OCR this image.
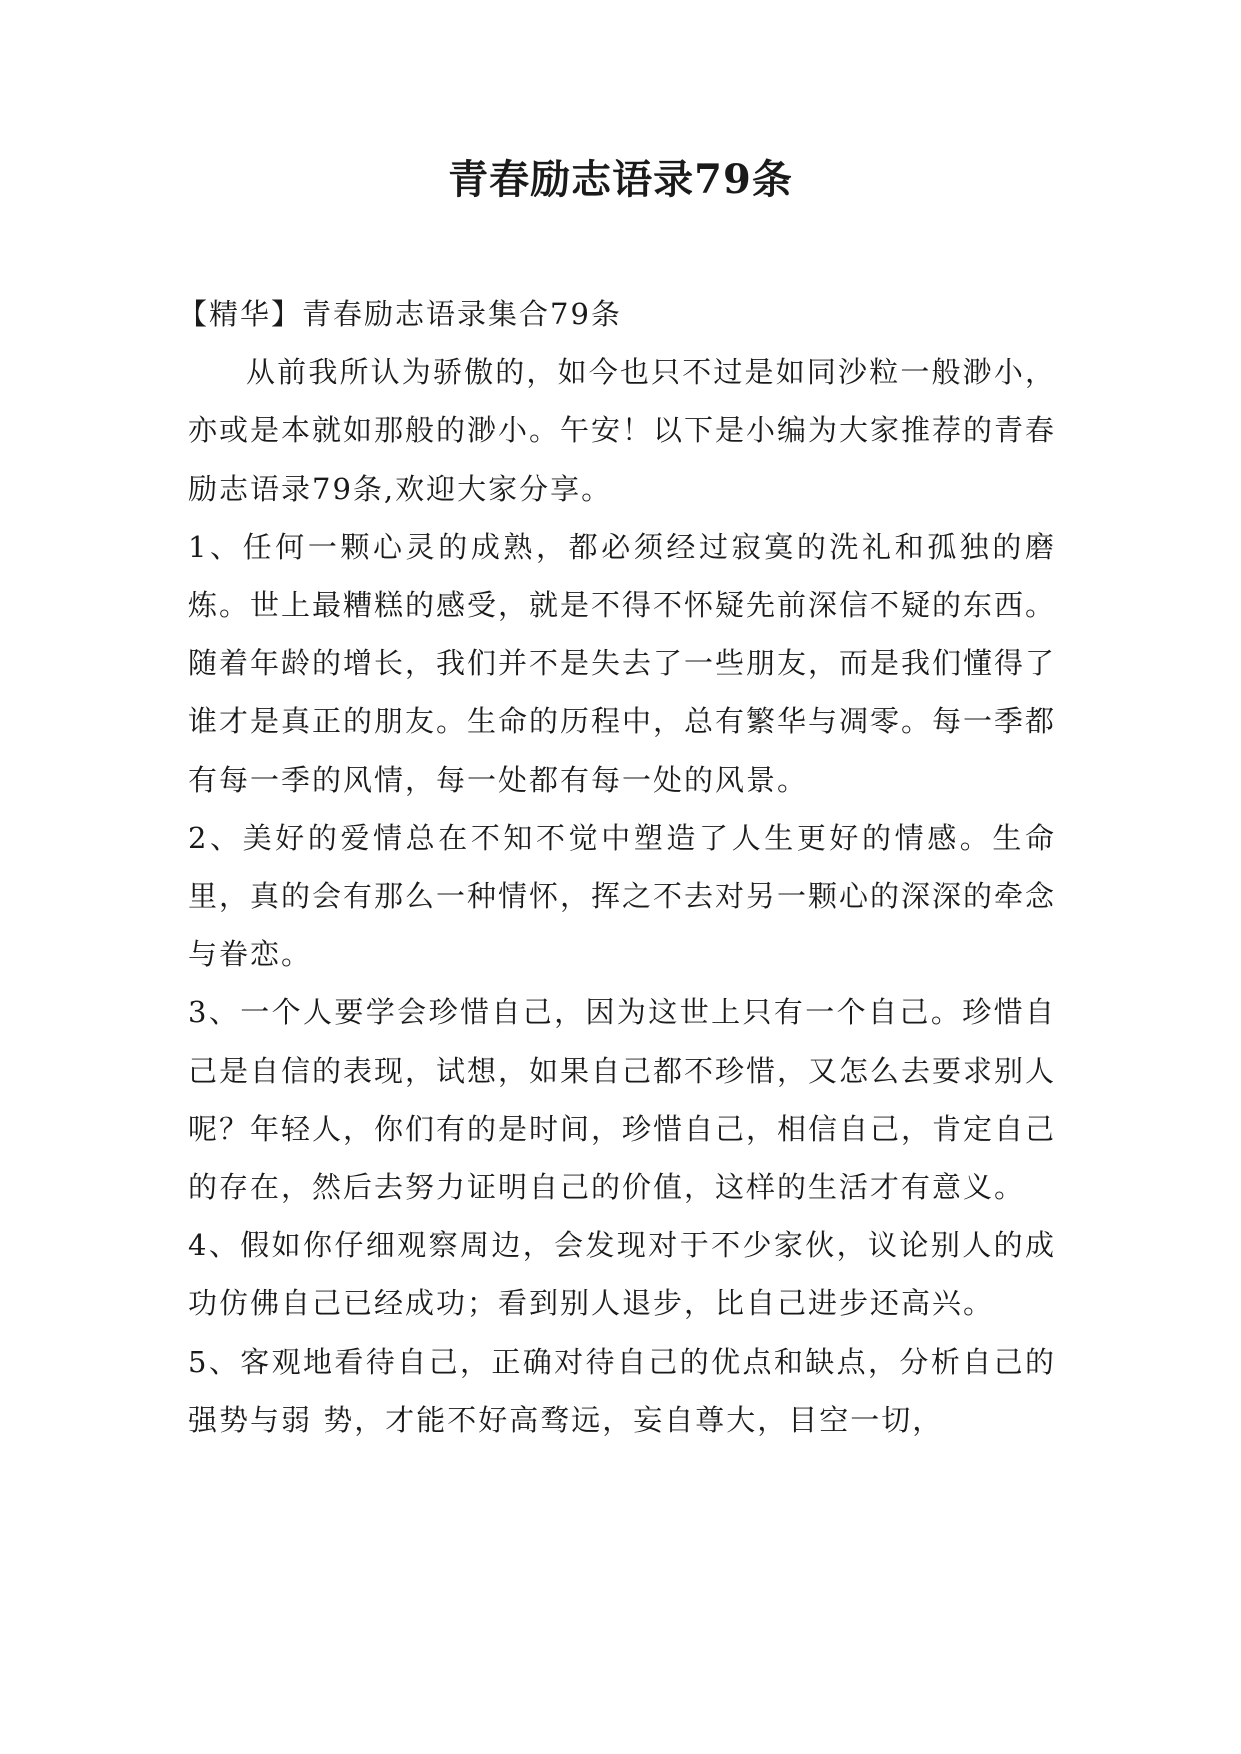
青春励志语录79条

【精华】青春励志语录集合79条

从前我所认为骄傲的，如今也只不过是如同沙粒一般渺小，亦或是本就如那般的渺小。午安！以下是小编为大家推荐的青春励志语录79条,欢迎大家分享。

1、任何一颗心灵的成熟，都必须经过寂寞的洗礼和孤独的磨炼。世上最糟糕的感受，就是不得不怀疑先前深信不疑的东西。随着年龄的增长，我们并不是失去了一些朋友，而是我们懂得了谁才是真正的朋友。生命的历程中，总有繁华与凋零。每一季都有每一季的风情，每一处都有每一处的风景。

2、美好的爱情总在不知不觉中塑造了人生更好的情感。生命里，真的会有那么一种情怀，挥之不去对另一颗心的深深的牵念与眷恋。

3、一个人要学会珍惜自己，因为这世上只有一个自己。珍惜自己是自信的表现，试想，如果自己都不珍惜，又怎么去要求别人呢？年轻人，你们有的是时间，珍惜自己，相信自己，肯定自己的存在，然后去努力证明自己的价值，这样的生活才有意义。

4、假如你仔细观察周边，会发现对于不少家伙，议论别人的成功仿佛自己已经成功；看到别人退步，比自己进步还高兴。

5、客观地看待自己，正确对待自己的优点和缺点，分析自己的强势与弱 势，才能不好高骛远，妄自尊大，目空一切，
